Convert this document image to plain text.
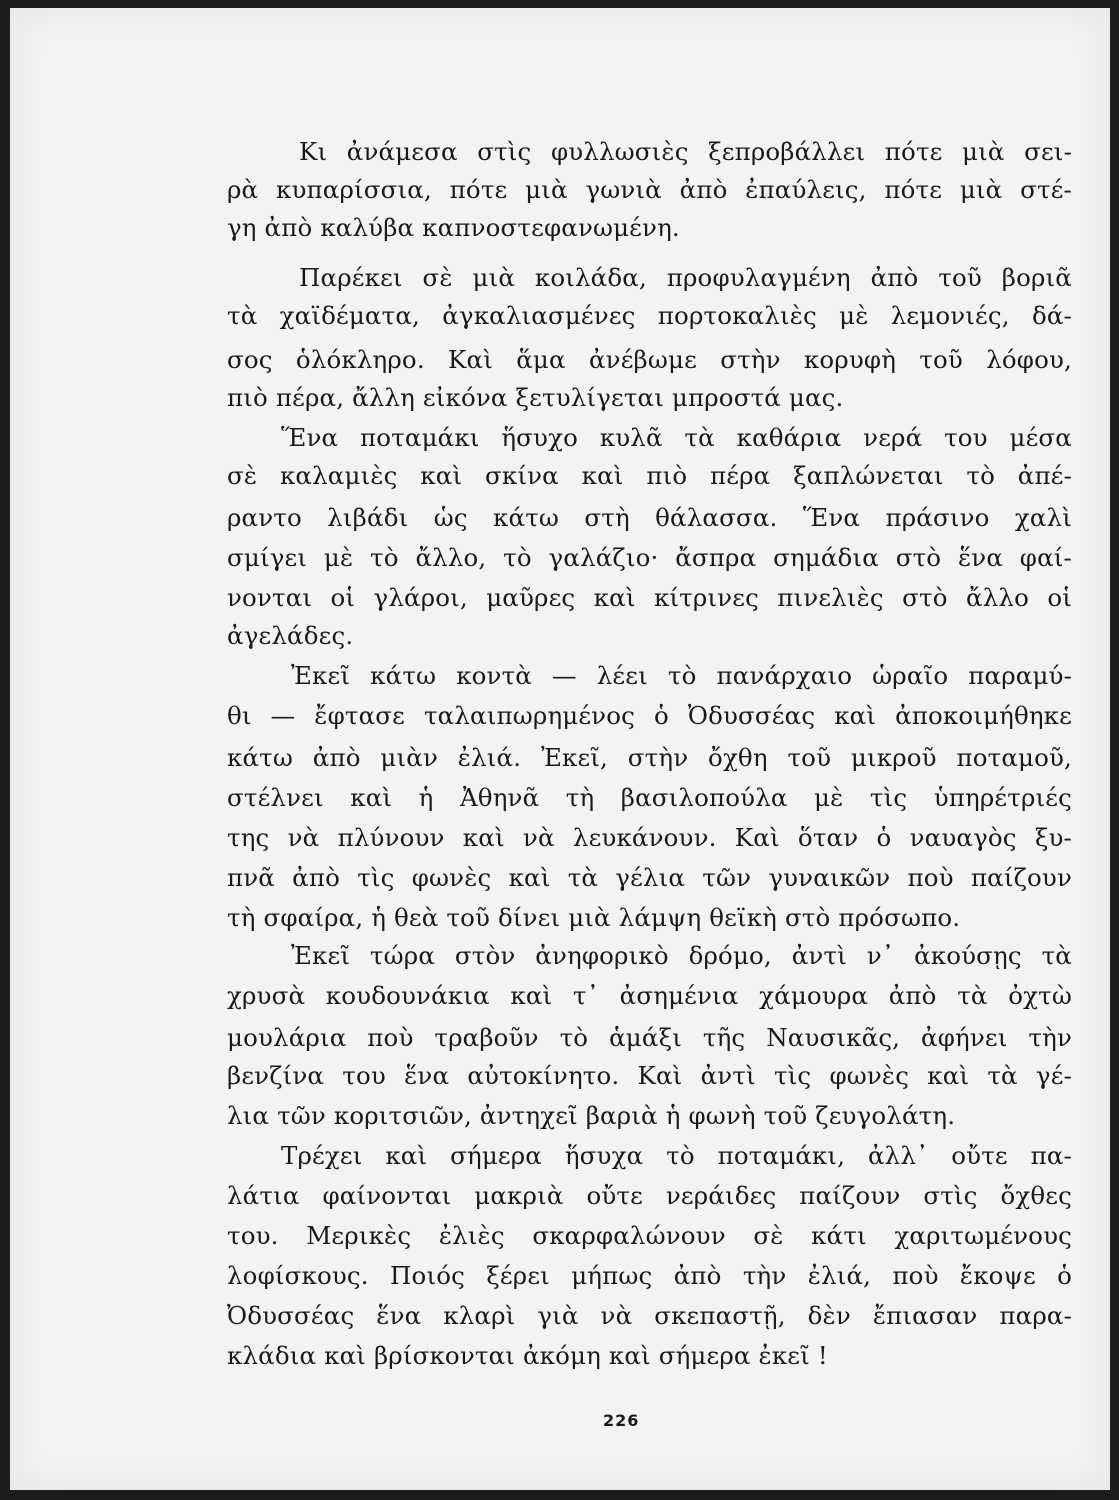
Κι ἀνάμεσα στὶς φυλλωσιὲς ξεπροβάλλει πότε μιὰ σει-
ρὰ κυπαρίσσια, πότε μιὰ γωνιὰ ἀπὸ ἐπαύλεις, πότε μιὰ στέ-
γη ἀπὸ καλύβα καπνοστεφανωμένη.
Παρέκει σὲ μιὰ κοιλάδα, προφυλαγμένη ἀπὸ τοῦ βοριᾶ
τὰ χαϊδέματα, ἀγκαλιασμένες πορτοκαλιὲς μὲ λεμονιές, δά-
σος ὁλόκληρο. Καὶ ἅμα ἀνέβωμε στὴν κορυφὴ τοῦ λόφου,
πιὸ πέρα, ἄλλη εἰκόνα ξετυλίγεται μπροστά μας.
Ἕνα ποταμάκι ἥσυχο κυλᾶ τὰ καθάρια νερά του μέσα
σὲ καλαμιὲς καὶ σκίνα καὶ πιὸ πέρα ξαπλώνεται τὸ ἀπέ-
ραντο λιβάδι ὡς κάτω στὴ θάλασσα. Ἕνα πράσινο χαλὶ
σμίγει μὲ τὸ ἄλλο, τὸ γαλάζιο· ἄσπρα σημάδια στὸ ἕνα φαί-
νονται οἱ γλάροι, μαῦρες καὶ κίτρινες πινελιὲς στὸ ἄλλο οἱ
ἀγελάδες.
Ἐκεῖ κάτω κοντὰ — λέει τὸ πανάρχαιο ὡραῖο παραμύ-
θι — ἔφτασε ταλαιπωρημένος ὁ Ὀδυσσέας καὶ ἀποκοιμήθηκε
κάτω ἀπὸ μιὰν ἐλιά. Ἐκεῖ, στὴν ὄχθη τοῦ μικροῦ ποταμοῦ,
στέλνει καὶ ἡ Ἀθηνᾶ τὴ βασιλοπούλα μὲ τὶς ὑπηρέτριές
της νὰ πλύνουν καὶ νὰ λευκάνουν. Καὶ ὅταν ὁ ναυαγὸς ξυ-
πνᾶ ἀπὸ τὶς φωνὲς καὶ τὰ γέλια τῶν γυναικῶν ποὺ παίζουν
τὴ σφαίρα, ἡ θεὰ τοῦ δίνει μιὰ λάμψη θεϊκὴ στὸ πρόσωπο.
Ἐκεῖ τώρα στὸν ἀνηφορικὸ δρόμο, ἀντὶ ν᾽ ἀκούσῃς τὰ
χρυσὰ κουδουνάκια καὶ τ᾽ ἀσημένια χάμουρα ἀπὸ τὰ ὀχτὼ
μουλάρια ποὺ τραβοῦν τὸ ἁμάξι τῆς Ναυσικᾶς, ἀφήνει τὴν
βενζίνα του ἕνα αὐτοκίνητο. Καὶ ἀντὶ τὶς φωνὲς καὶ τὰ γέ-
λια τῶν κοριτσιῶν, ἀντηχεῖ βαριὰ ἡ φωνὴ τοῦ ζευγολάτη.
Τρέχει καὶ σήμερα ἥσυχα τὸ ποταμάκι, ἀλλ᾽ οὔτε πα-
λάτια φαίνονται μακριὰ οὔτε νεράιδες παίζουν στὶς ὄχθες
του. Μερικὲς ἐλιὲς σκαρφαλώνουν σὲ κάτι χαριτωμένους
λοφίσκους. Ποιός ξέρει μήπως ἀπὸ τὴν ἐλιά, ποὺ ἔκοψε ὁ
Ὀδυσσέας ἕνα κλαρὶ γιὰ νὰ σκεπαστῇ, δὲν ἔπιασαν παρα-
κλάδια καὶ βρίσκονται ἀκόμη καὶ σήμερα ἐκεῖ !
226
